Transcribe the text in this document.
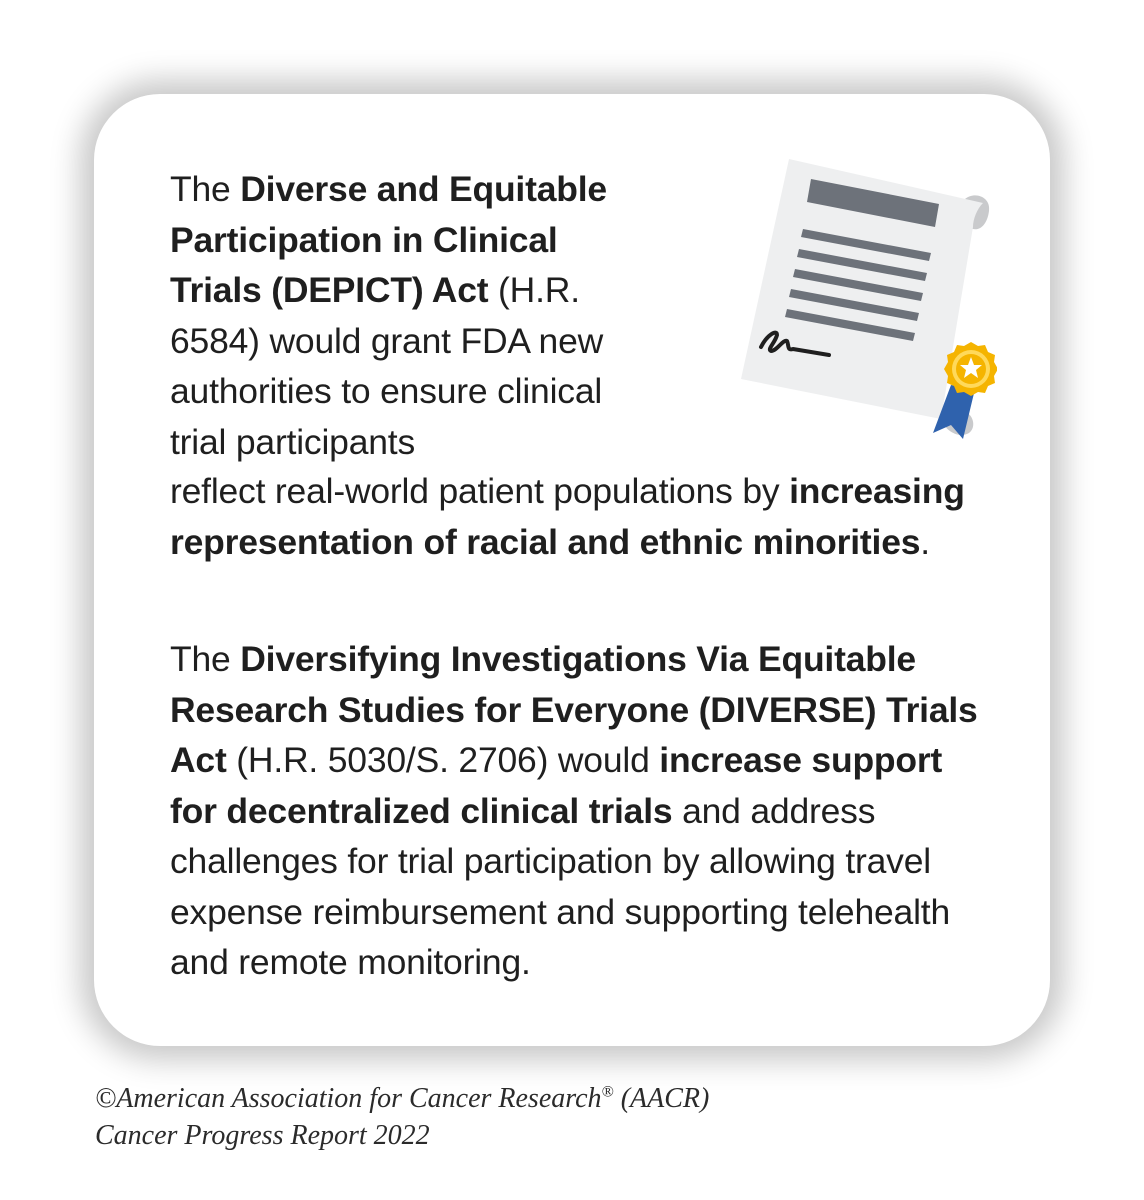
The Diverse and Equitable Participation in Clinical Trials (DEPICT) Act (H.R. 6584) would grant FDA new authorities to ensure clinical trial participants

reflect real-world patient populations by increasing representation of racial and ethnic minorities.

The Diversifying Investigations Via Equitable Research Studies for Everyone (DIVERSE) Trials Act (H.R. 5030/S. 2706) would increase support for decentralized clinical trials and address challenges for trial participation by allowing travel expense reimbursement and supporting telehealth and remote monitoring.

©American Association for Cancer Research® (AACR)
Cancer Progress Report 2022
